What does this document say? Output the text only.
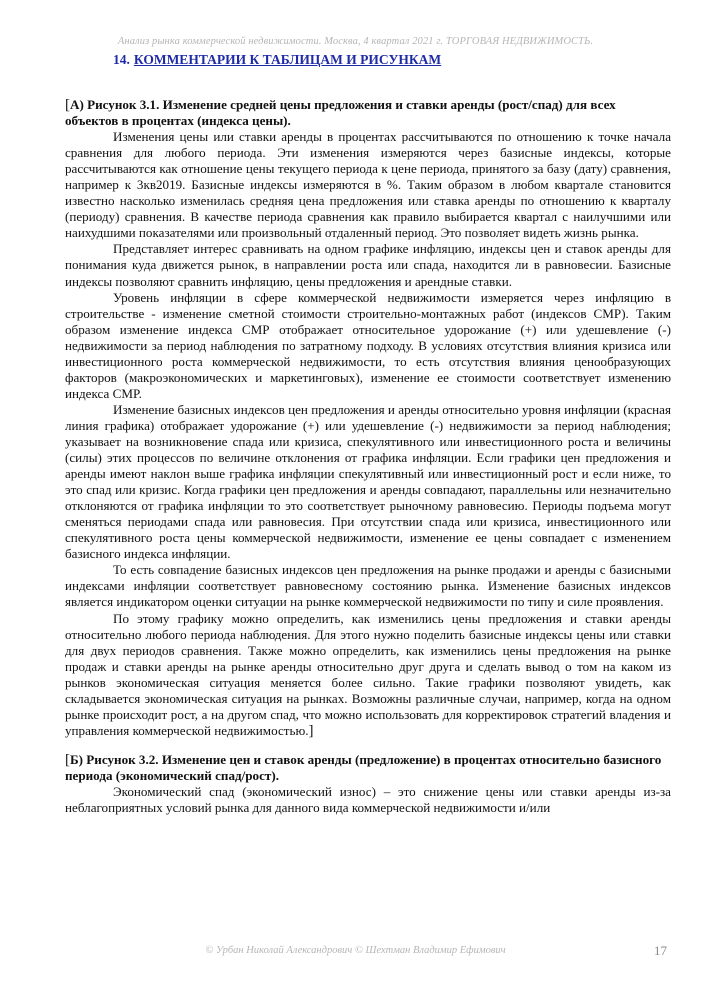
Анализ рынка коммерческой недвижимости. Москва, 4 квартал 2021 г. ТОРГОВАЯ НЕДВИЖИМОСТЬ.
14. КОММЕНТАРИИ К ТАБЛИЦАМ И РИСУНКАМ
[А) Рисунок 3.1. Изменение средней цены предложения и ставки аренды (рост/спад) для всех объектов в процентах (индекса цены).

Изменения цены или ставки аренды в процентах рассчитываются по отношению к точке начала сравнения для любого периода. Эти изменения измеряются через базисные индексы, которые рассчитываются как отношение цены текущего периода к цене периода, принятого за базу (дату) сравнения, например к 3кв2019. Базисные индексы измеряются в %. Таким образом в любом квартале становится известно насколько изменилась средняя цена предложения или ставка аренды по отношению к кварталу (периоду) сравнения. В качестве периода сравнения как правило выбирается квартал с наилучшими или наихудшими показателями или произвольный отдаленный период. Это позволяет видеть жизнь рынка.

Представляет интерес сравнивать на одном графике инфляцию, индексы цен и ставок аренды для понимания куда движется рынок, в направлении роста или спада, находится ли в равновесии. Базисные индексы позволяют сравнить инфляцию, цены предложения и арендные ставки.

Уровень инфляции в сфере коммерческой недвижимости измеряется через инфляцию в строительстве - изменение сметной стоимости строительно-монтажных работ (индексов СМР). Таким образом изменение индекса СМР отображает относительное удорожание (+) или удешевление (-) недвижимости за период наблюдения по затратному подходу. В условиях отсутствия влияния кризиса или инвестиционного роста коммерческой недвижимости, то есть отсутствия влияния ценообразующих факторов (макроэкономических и маркетинговых), изменение ее стоимости соответствует изменению индекса СМР.

Изменение базисных индексов цен предложения и аренды относительно уровня инфляции (красная линия графика) отображает удорожание (+) или удешевление (-) недвижимости за период наблюдения; указывает на возникновение спада или кризиса, спекулятивного или инвестиционного роста и величины (силы) этих процессов по величине отклонения от графика инфляции. Если графики цен предложения и аренды имеют наклон выше графика инфляции спекулятивный или инвестиционный рост и если ниже, то это спад или кризис. Когда графики цен предложения и аренды совпадают, параллельны или незначительно отклоняются от графика инфляции то это соответствует рыночному равновесию. Периоды подъема могут сменяться периодами спада или равновесия. При отсутствии спада или кризиса, инвестиционного или спекулятивного роста цены коммерческой недвижимости, изменение ее цены совпадает с изменением базисного индекса инфляции.

То есть совпадение базисных индексов цен предложения на рынке продажи и аренды с базисными индексами инфляции соответствует равновесному состоянию рынка. Изменение базисных индексов является индикатором оценки ситуации на рынке коммерческой недвижимости по типу и силе проявления.

По этому графику можно определить, как изменились цены предложения и ставки аренды относительно любого периода наблюдения. Для этого нужно поделить базисные индексы цены или ставки для двух периодов сравнения. Также можно определить, как изменились цены предложения на рынке продаж и ставки аренды на рынке аренды относительно друг друга и сделать вывод о том на каком из рынков экономическая ситуация меняется более сильно. Такие графики позволяют увидеть, как складывается экономическая ситуация на рынках. Возможны различные случаи, например, когда на одном рынке происходит рост, а на другом спад, что можно использовать для корректировок стратегий владения и управления коммерческой недвижимостью.]

[Б) Рисунок 3.2. Изменение цен и ставок аренды (предложение) в процентах относительно базисного периода (экономический спад/рост).

Экономический спад (экономический износ) – это снижение цены или ставки аренды из-за неблагоприятных условий рынка для данного вида коммерческой недвижимости и/или

© Урбан Николай Александрович © Шехтман Владимир Ефимович	17
